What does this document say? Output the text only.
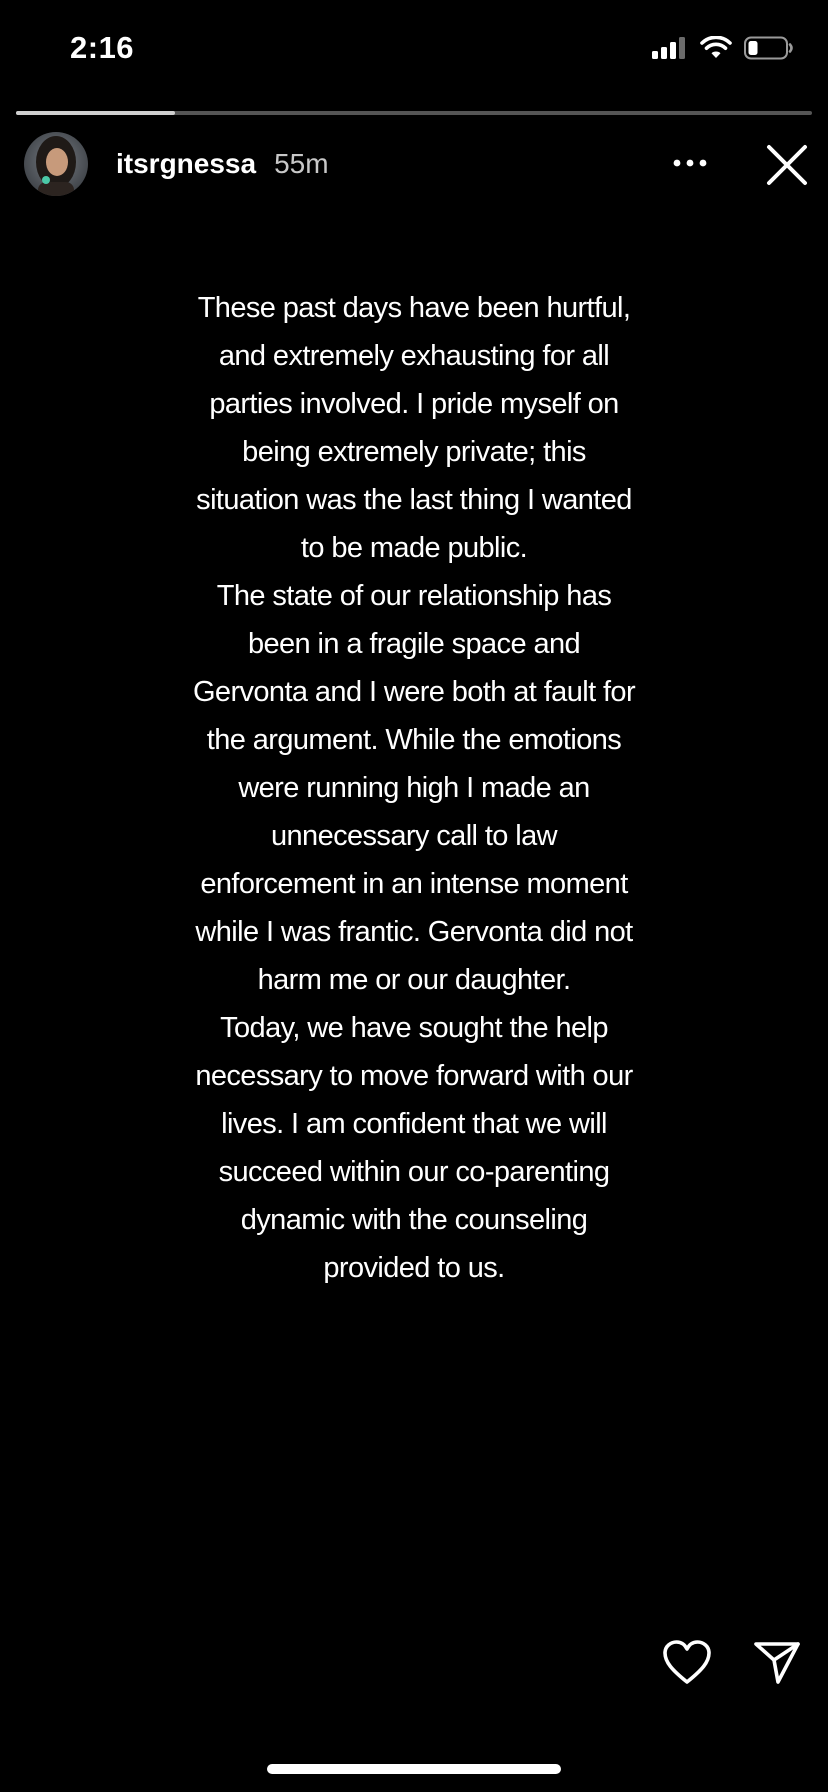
2:16
itsrgnessa 55m

These past days have been hurtful, and extremely exhausting for all parties involved. I pride myself on being extremely private; this situation was the last thing I wanted to be made public.

The state of our relationship has been in a fragile space and Gervonta and I were both at fault for the argument. While the emotions were running high I made an unnecessary call to law enforcement in an intense moment while I was frantic. Gervonta did not harm me or our daughter.

Today, we have sought the help necessary to move forward with our lives. I am confident that we will succeed within our co-parenting dynamic with the counseling provided to us.
